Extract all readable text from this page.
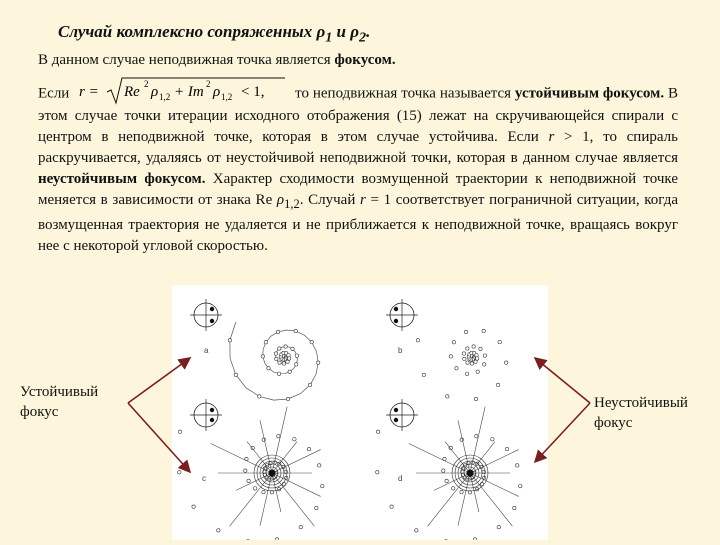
Случай комплексно сопряженных $\rho_1$ и $\rho_2$.
В данном случае неподвижная точка является фокусом.
Если r = Re 2 ρ 1,2 + Im 2 ρ 1,2 < 1, то неподвижная точка называется устойчивым фокусом. В этом случае точки итерации исходного отображения (15) лежат на скручивающейся спирали с центром в неподвижной точке, которая в этом случае устойчива. Если r > 1, то спираль раскручивается, удаляясь от неустойчивой неподвижной точки, которая в данном случае является неустойчивым фокусом. Характер сходимости возмущенной траектории к неподвижной точке меняется в зависимости от знака Re $\rho_{1,2}$. Случай r = 1 соответствует пограничной ситуации, когда возмущенная траектория не удаляется и не приближается к неподвижной точке, вращаясь вокруг нее с некоторой угловой скоростью.
a	b
c	d
Устойчивый
фокус
Неустойчивый
фокус
